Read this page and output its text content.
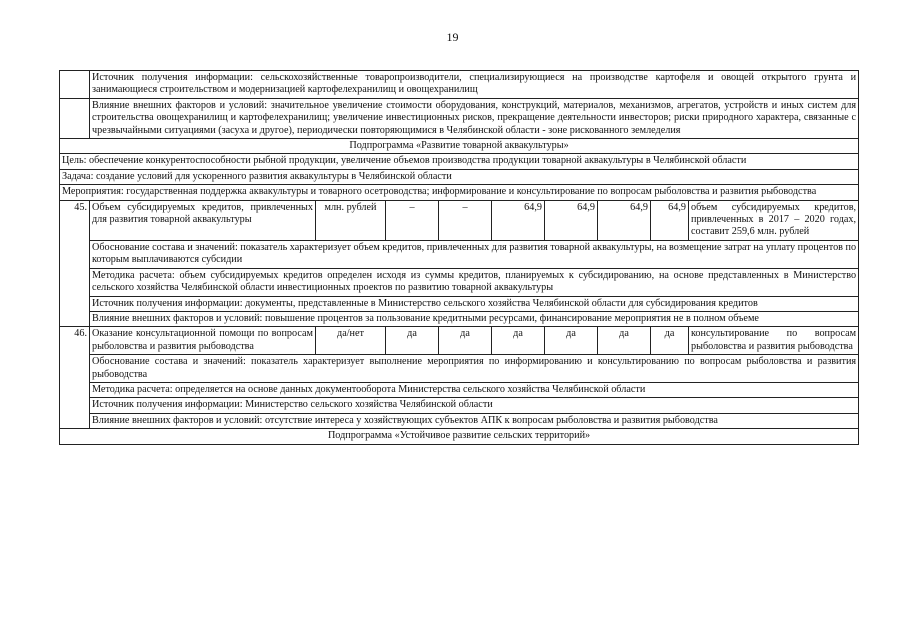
19
	Источник получения информации: сельскохозяйственные товаропроизводители, специализирующиеся на производстве картофеля и овощей открытого грунта и занимающиеся строительством и модернизацией картофелехранилищ и овощехранилищ								
	Влияние внешних факторов и условий: значительное увеличение стоимости оборудования, конструкций, материалов, механизмов, агрегатов, устройств и иных систем для строительства овощехранилищ и картофелехранилищ; увеличение инвестиционных рисков, прекращение деятельности инвесторов; риски природного характера, связанные с чрезвычайными ситуациями (засуха и другое), периодически повторяющимися в Челябинской области - зоне рискованного земледелия								
Подпрограмма «Развитие товарной аквакультуры»									
Цель: обеспечение конкурентоспособности рыбной продукции, увеличение объемов производства продукции товарной аквакультуры в Челябинской области									
Задача: создание условий для ускоренного развития аквакультуры в Челябинской области									
Мероприятия: государственная поддержка аквакультуры и товарного осетроводства; информирование и консультирование по вопросам рыболовства и развития рыбоводства									
45.	Объем субсидируемых кредитов, привлеченных для развития товарной аквакультуры	млн. рублей	–	–	64,9	64,9	64,9	64,9	объем субсидируемых кредитов, привлеченных в 2017 – 2020 годах, составит 259,6 млн. рублей
	Обоснование состава и значений: показатель характеризует объем кредитов, привлеченных для развития товарной аквакультуры, на возмещение затрат на уплату процентов по которым выплачиваются субсидии								
	Методика расчета: объем субсидируемых кредитов определен исходя из суммы кредитов, планируемых к субсидированию, на основе представленных в Министерство сельского хозяйства Челябинской области инвестиционных проектов по развитию товарной аквакультуры								
	Источник получения информации: документы, представленные в Министерство сельского хозяйства Челябинской области для субсидирования кредитов								
	Влияние внешних факторов и условий: повышение процентов за пользование кредитными ресурсами, финансирование мероприятия не в полном объеме								
46.	Оказание консультационной помощи по вопросам рыболовства и развития рыбоводства	да/нет	да	да	да	да	да	да	консультирование по вопросам рыболовства и развития рыбоводства
	Обоснование состава и значений: показатель характеризует выполнение мероприятия по информированию и консультированию по вопросам рыболовства и развития рыбоводства								
	Методика расчета: определяется на основе данных документооборота Министерства сельского хозяйства Челябинской области								
	Источник получения информации: Министерство сельского хозяйства Челябинской области								
	Влияние внешних факторов и условий: отсутствие интереса у хозяйствующих субъектов АПК к вопросам рыболовства и развития рыбоводства								
Подпрограмма «Устойчивое развитие сельских территорий»									
